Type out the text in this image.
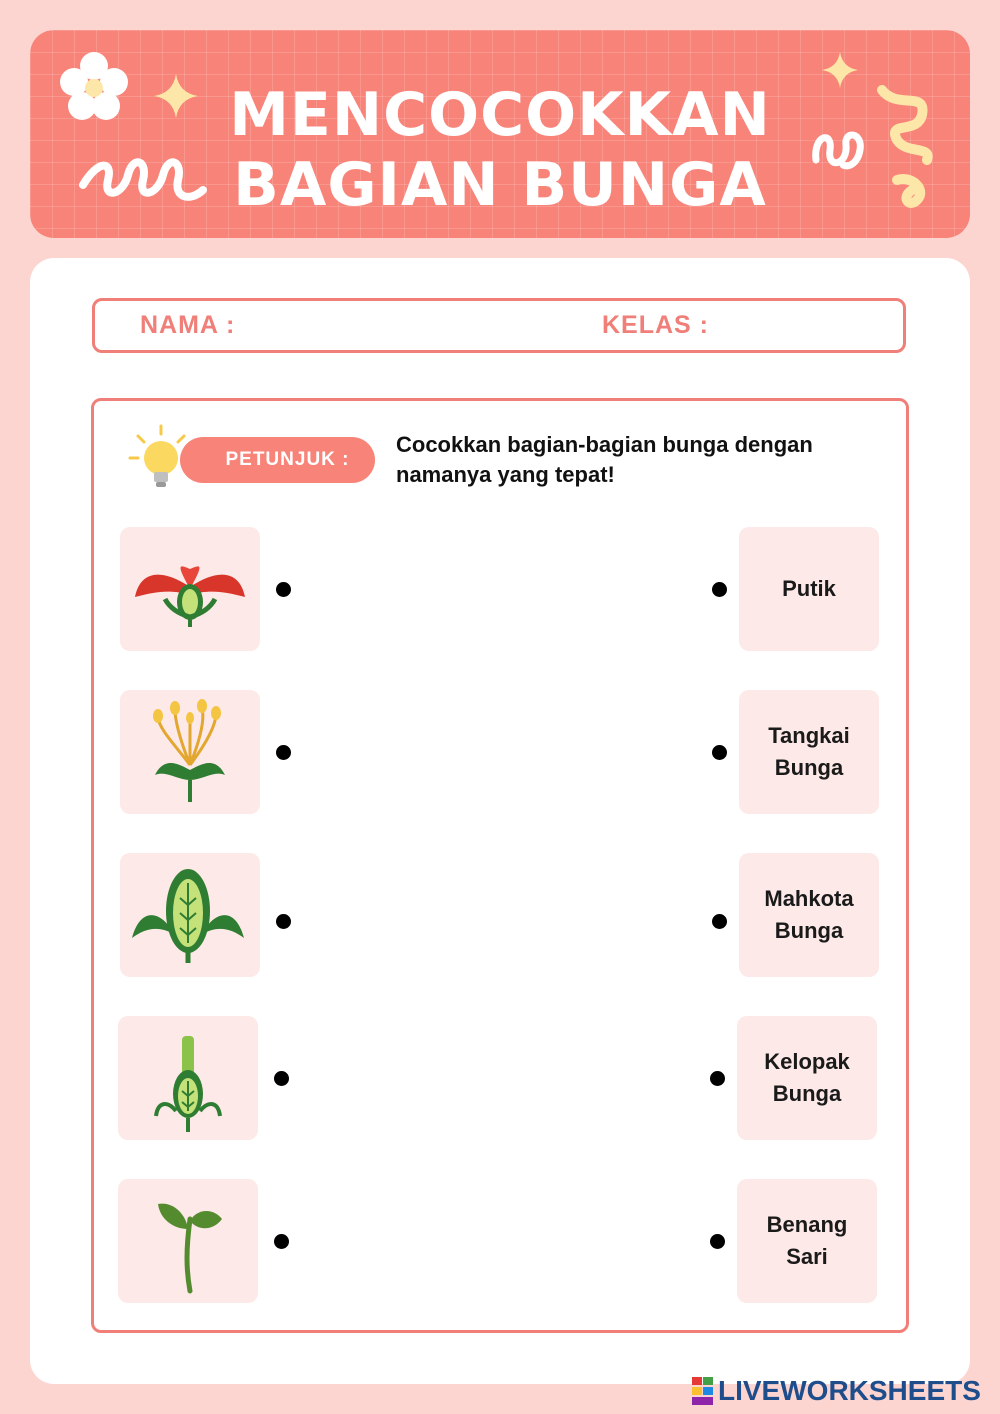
MENCOCOKKAN
BAGIAN BUNGA
NAMA :	KELAS :
PETUNJUK :
Cocokkan bagian-bagian bunga dengan namanya yang tepat!
Putik
Tangkai
Bunga
Mahkota
Bunga
Kelopak
Bunga
Benang
Sari
LIVEWORKSHEETS
